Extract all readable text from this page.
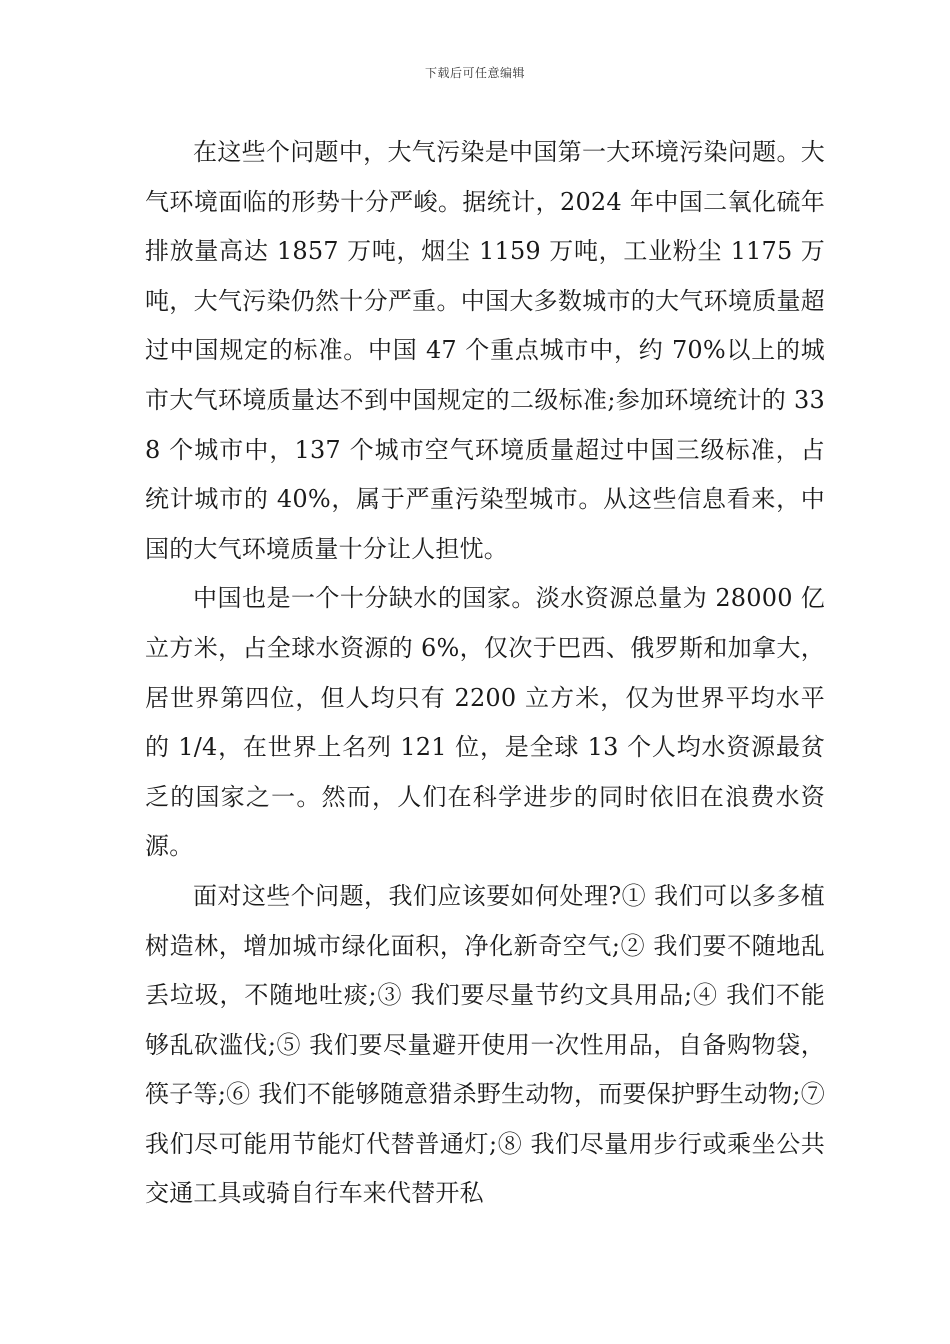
下载后可任意编辑

在这些个问题中，大气污染是中国第一大环境污染问题。大气环境面临的形势十分严峻。据统计，2024 年中国二氧化硫年排放量高达 1857 万吨，烟尘 1159 万吨，工业粉尘 1175 万吨，大气污染仍然十分严重。中国大多数城市的大气环境质量超过中国规定的标准。中国 47 个重点城市中，约 70%以上的城市大气环境质量达不到中国规定的二级标准;参加环境统计的 338 个城市中，137 个城市空气环境质量超过中国三级标准，占统计城市的 40%，属于严重污染型城市。从这些信息看来，中国的大气环境质量十分让人担忧。

中国也是一个十分缺水的国家。淡水资源总量为 28000 亿立方米，占全球水资源的 6%，仅次于巴西、俄罗斯和加拿大，居世界第四位，但人均只有 2200 立方米，仅为世界平均水平的 1/4，在世界上名列 121 位，是全球 13 个人均水资源最贫乏的国家之一。然而，人们在科学进步的同时依旧在浪费水资源。

面对这些个问题，我们应该要如何处理?① 我们可以多多植树造林，增加城市绿化面积，净化新奇空气;② 我们要不随地乱丢垃圾，不随地吐痰;③ 我们要尽量节约文具用品;④ 我们不能够乱砍滥伐;⑤ 我们要尽量避开使用一次性用品，自备购物袋，筷子等;⑥ 我们不能够随意猎杀野生动物，而要保护野生动物;⑦ 我们尽可能用节能灯代替普通灯;⑧ 我们尽量用步行或乘坐公共交通工具或骑自行车来代替开私
